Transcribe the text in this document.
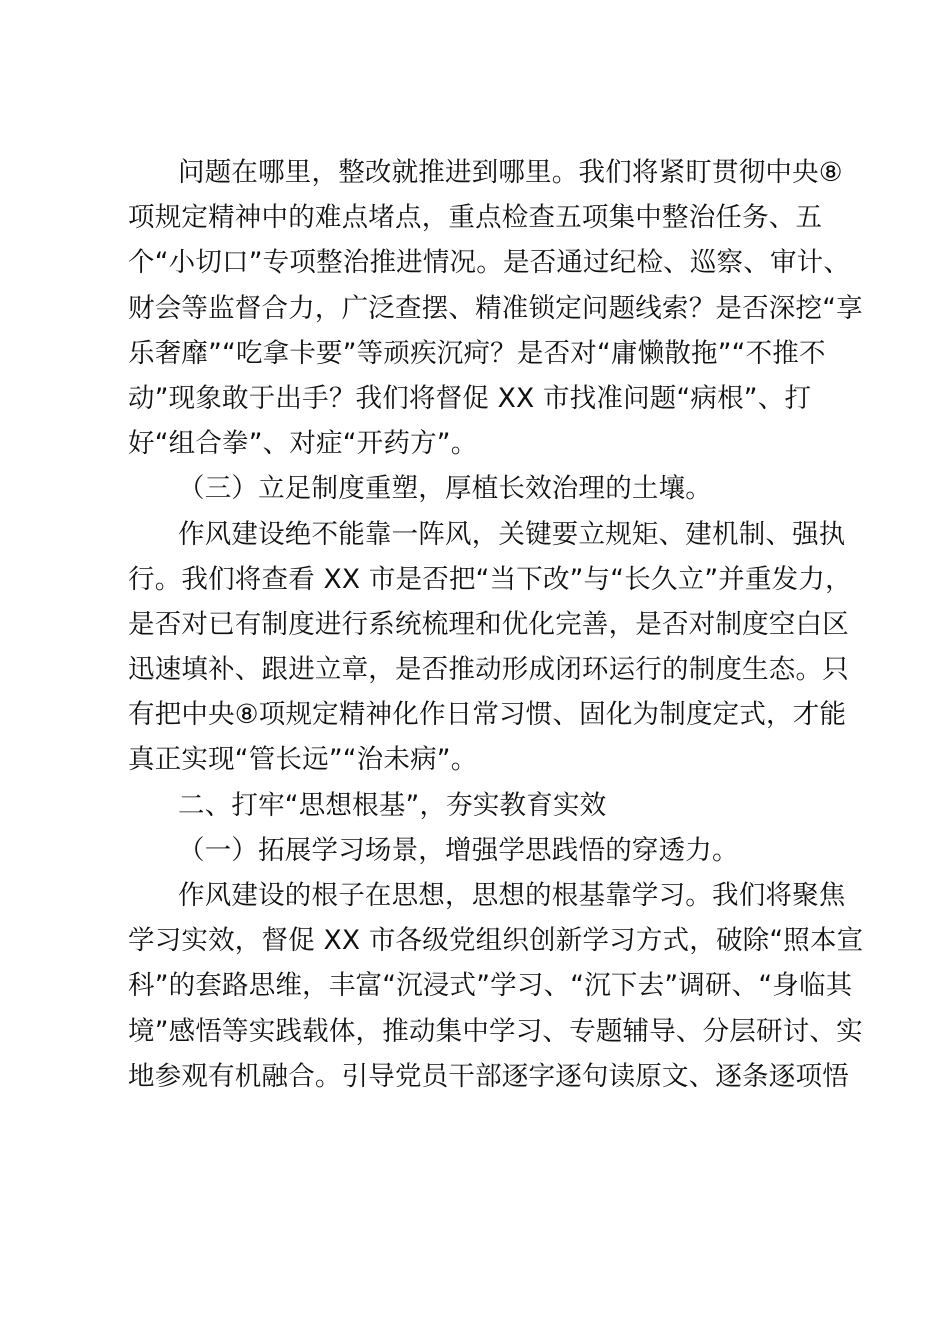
问题在哪里，整改就推进到哪里。我们将紧盯贯彻中央⑧
项规定精神中的难点堵点，重点检查五项集中整治任务、五
个“小切口”专项整治推进情况。是否通过纪检、巡察、审计、
财会等监督合力，广泛查摆、精准锁定问题线索？是否深挖“享
乐奢靡”“吃拿卡要”等顽疾沉疴？是否对“庸懒散拖”“不推不
动”现象敢于出手？我们将督促 XX 市找准问题“病根”、打
好“组合拳”、对症“开药方”。
（三）立足制度重塑，厚植长效治理的土壤。
作风建设绝不能靠一阵风，关键要立规矩、建机制、强执
行。我们将查看 XX 市是否把“当下改”与“长久立”并重发力，
是否对已有制度进行系统梳理和优化完善，是否对制度空白区
迅速填补、跟进立章，是否推动形成闭环运行的制度生态。只
有把中央⑧项规定精神化作日常习惯、固化为制度定式，才能
真正实现“管长远”“治未病”。
二、打牢“思想根基”，夯实教育实效
（一）拓展学习场景，增强学思践悟的穿透力。
作风建设的根子在思想，思想的根基靠学习。我们将聚焦
学习实效，督促 XX 市各级党组织创新学习方式，破除“照本宣
科”的套路思维，丰富“沉浸式”学习、“沉下去”调研、“身临其
境”感悟等实践载体，推动集中学习、专题辅导、分层研讨、实
地参观有机融合。引导党员干部逐字逐句读原文、逐条逐项悟
